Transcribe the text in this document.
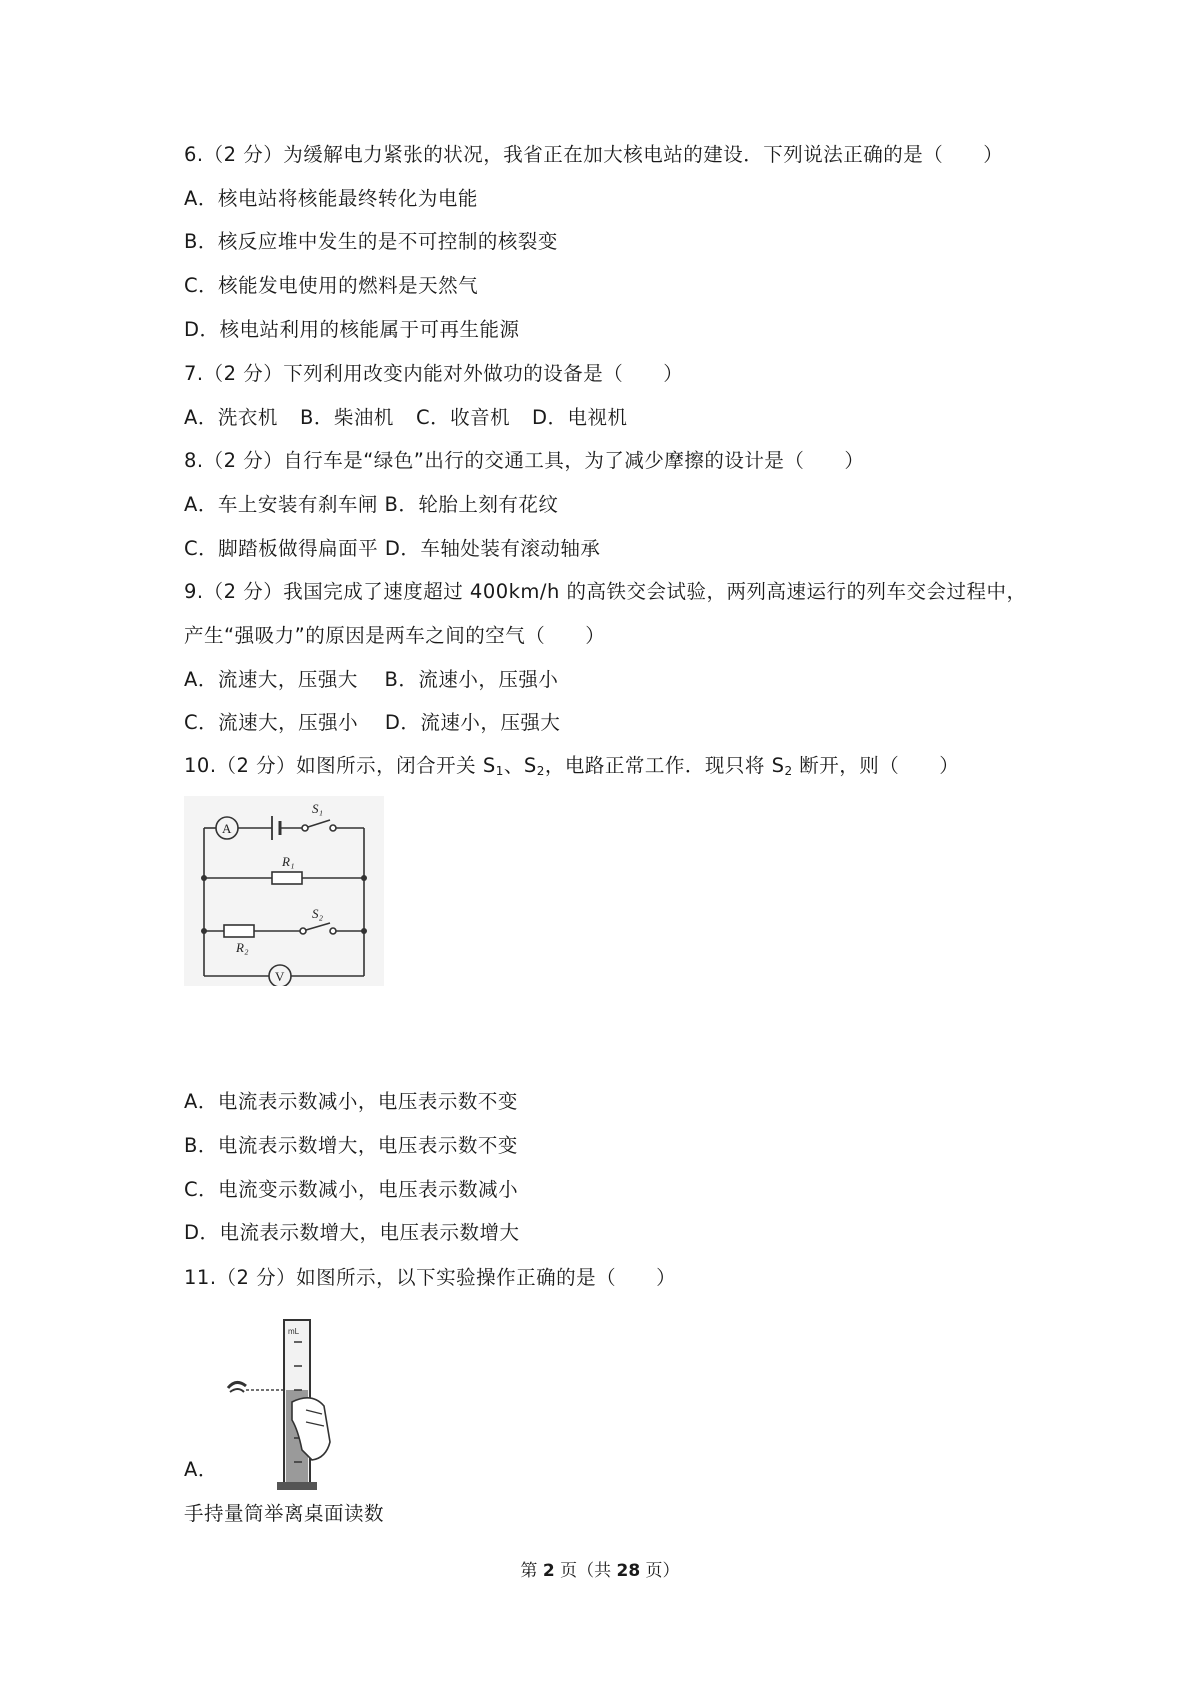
6.（2 分）为缓解电力紧张的状况，我省正在加大核电站的建设．下列说法正确的是（　　）
A．核电站将核能最终转化为电能
B．核反应堆中发生的是不可控制的核裂变
C．核能发电使用的燃料是天然气
D．核电站利用的核能属于可再生能源
7.（2 分）下列利用改变内能对外做功的设备是（　　）
A．洗衣机 B．柴油机 C．收音机 D．电视机
8.（2 分）自行车是“绿色”出行的交通工具，为了减少摩擦的设计是（　　）
A．车上安装有刹车闸 B．轮胎上刻有花纹
C．脚踏板做得扁面平 D．车轴处装有滚动轴承
9.（2 分）我国完成了速度超过 400km/h 的高铁交会试验，两列高速运行的列车交会过程中，
产生“强吸力”的原因是两车之间的空气（　　）
A．流速大，压强大　 B．流速小，压强小
C．流速大，压强小　 D．流速小，压强大
10.（2 分）如图所示，闭合开关 $S_1$、$S_2$，电路正常工作．现只将 $S_2$ 断开，则（　　）
A
V
S₁
S₂
R₁
R₂
A．电流表示数减小，电压表示数不变
B．电流表示数增大，电压表示数不变
C．电流变示数减小，电压表示数减小
D．电流表示数增大，电压表示数增大
11.（2 分）如图所示，以下实验操作正确的是（　　）
mL
A．
手持量筒举离桌面读数
第 2 页（共 28 页）
